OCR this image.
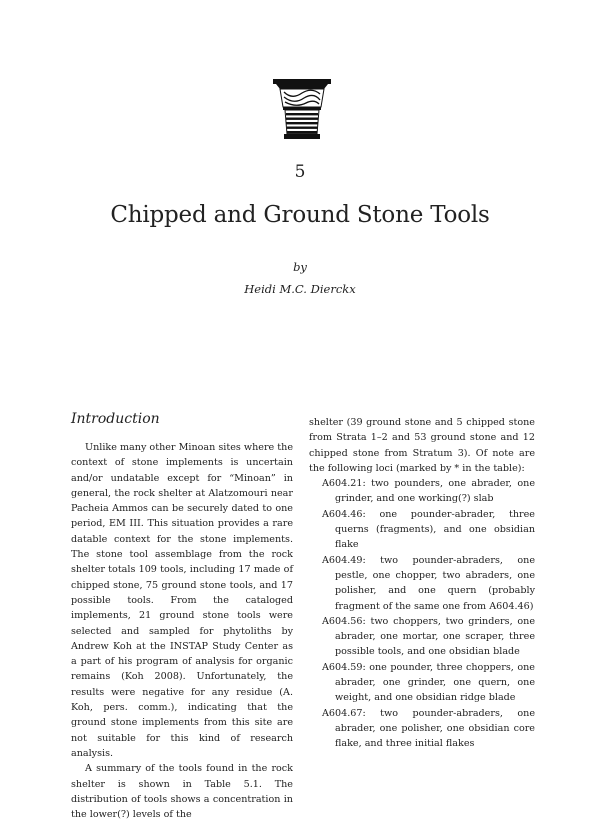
5
Chipped and Ground Stone Tools
by
Heidi M.C. Dierckx
Introduction

Unlike many other Minoan sites where the context of stone implements is uncertain and/or undatable except for “Minoan” in general, the rock shelter at Alatzomouri near Pacheia Ammos can be securely dated to one period, EM III. This situation provides a rare datable context for the stone implements. The stone tool assemblage from the rock shelter totals 109 tools, including 17 made of chipped stone, 75 ground stone tools, and 17 possible tools. From the cataloged implements, 21 ground stone tools were selected and sampled for phytoliths by Andrew Koh at the INSTAP Study Center as a part of his program of analysis for organic remains (Koh 2008). Unfortunately, the results were negative for any residue (A. Koh, pers. comm.), indicating that the ground stone implements from this site are not suitable for this kind of research analysis.

A summary of the tools found in the rock shelter is shown in Table 5.1. The distribution of tools shows a concentration in the lower(?) levels of the

shelter (39 ground stone and 5 chipped stone from Strata 1–2 and 53 ground stone and 12 chipped stone from Stratum 3). Of note are the following loci (marked by * in the table):

A604.21: two pounders, one abrader, one grinder, and one working(?) slab

A604.46: one pounder-abrader, three querns (fragments), and one obsidian flake

A604.49: two pounder-abraders, one pestle, one chopper, two abraders, one polisher, and one quern (probably fragment of the same one from A604.46)

A604.56: two choppers, two grinders, one abrader, one mortar, one scraper, three possible tools, and one obsidian blade

A604.59: one pounder, three choppers, one abrader, one grinder, one quern, one weight, and one obsidian ridge blade

A604.67: two pounder-abraders, one abrader, one polisher, one obsidian core flake, and three initial flakes
